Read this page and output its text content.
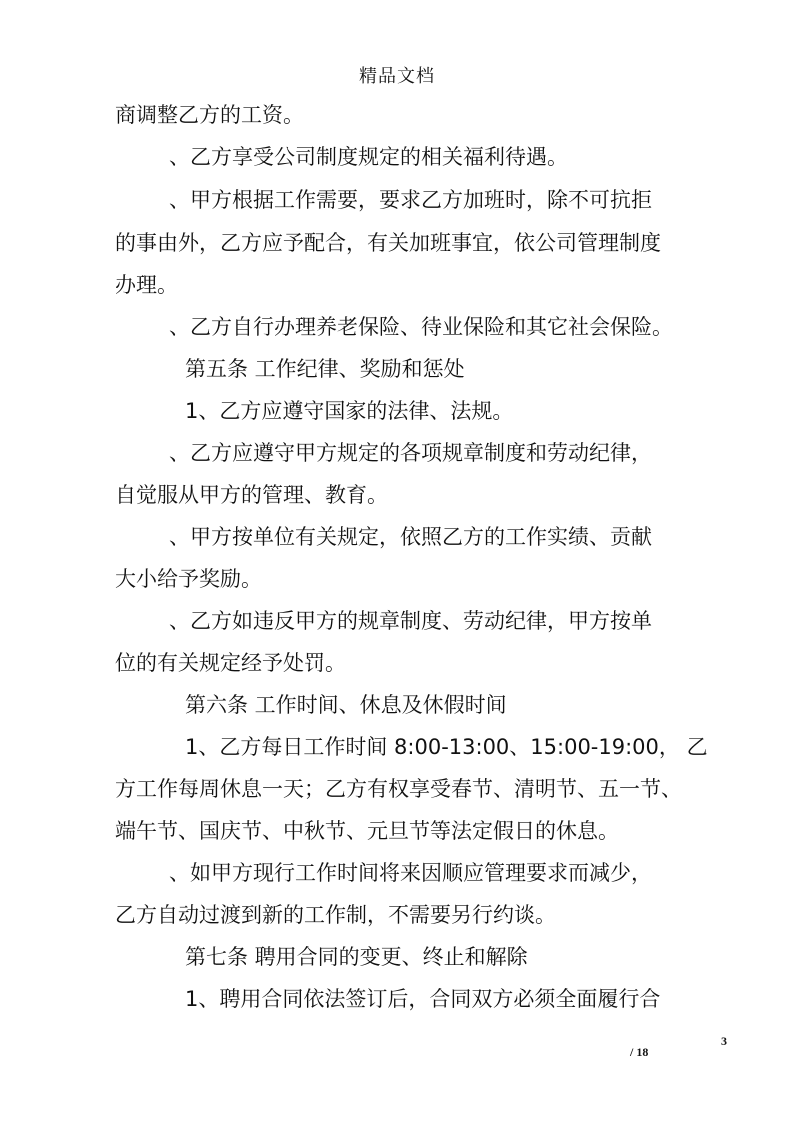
精品文档
商调整乙方的工资。
、乙方享受公司制度规定的相关福利待遇。
、甲方根据工作需要，要求乙方加班时，除不可抗拒
的事由外，乙方应予配合，有关加班事宜，依公司管理制度
办理。
、乙方自行办理养老保险、待业保险和其它社会保险。
第五条 工作纪律、奖励和惩处
1、乙方应遵守国家的法律、法规。
、乙方应遵守甲方规定的各项规章制度和劳动纪律，
自觉服从甲方的管理、教育。
、甲方按单位有关规定，依照乙方的工作实绩、贡献
大小给予奖励。
、乙方如违反甲方的规章制度、劳动纪律，甲方按单
位的有关规定经予处罚。
第六条 工作时间、休息及休假时间
1、乙方每日工作时间 8:00-13:00、15:00-19:00， 乙
方工作每周休息一天；乙方有权享受春节、清明节、五一节、
端午节、国庆节、中秋节、元旦节等法定假日的休息。
、如甲方现行工作时间将来因顺应管理要求而减少，
乙方自动过渡到新的工作制，不需要另行约谈。
第七条 聘用合同的变更、终止和解除
1、聘用合同依法签订后，合同双方必须全面履行合
3
/ 18
